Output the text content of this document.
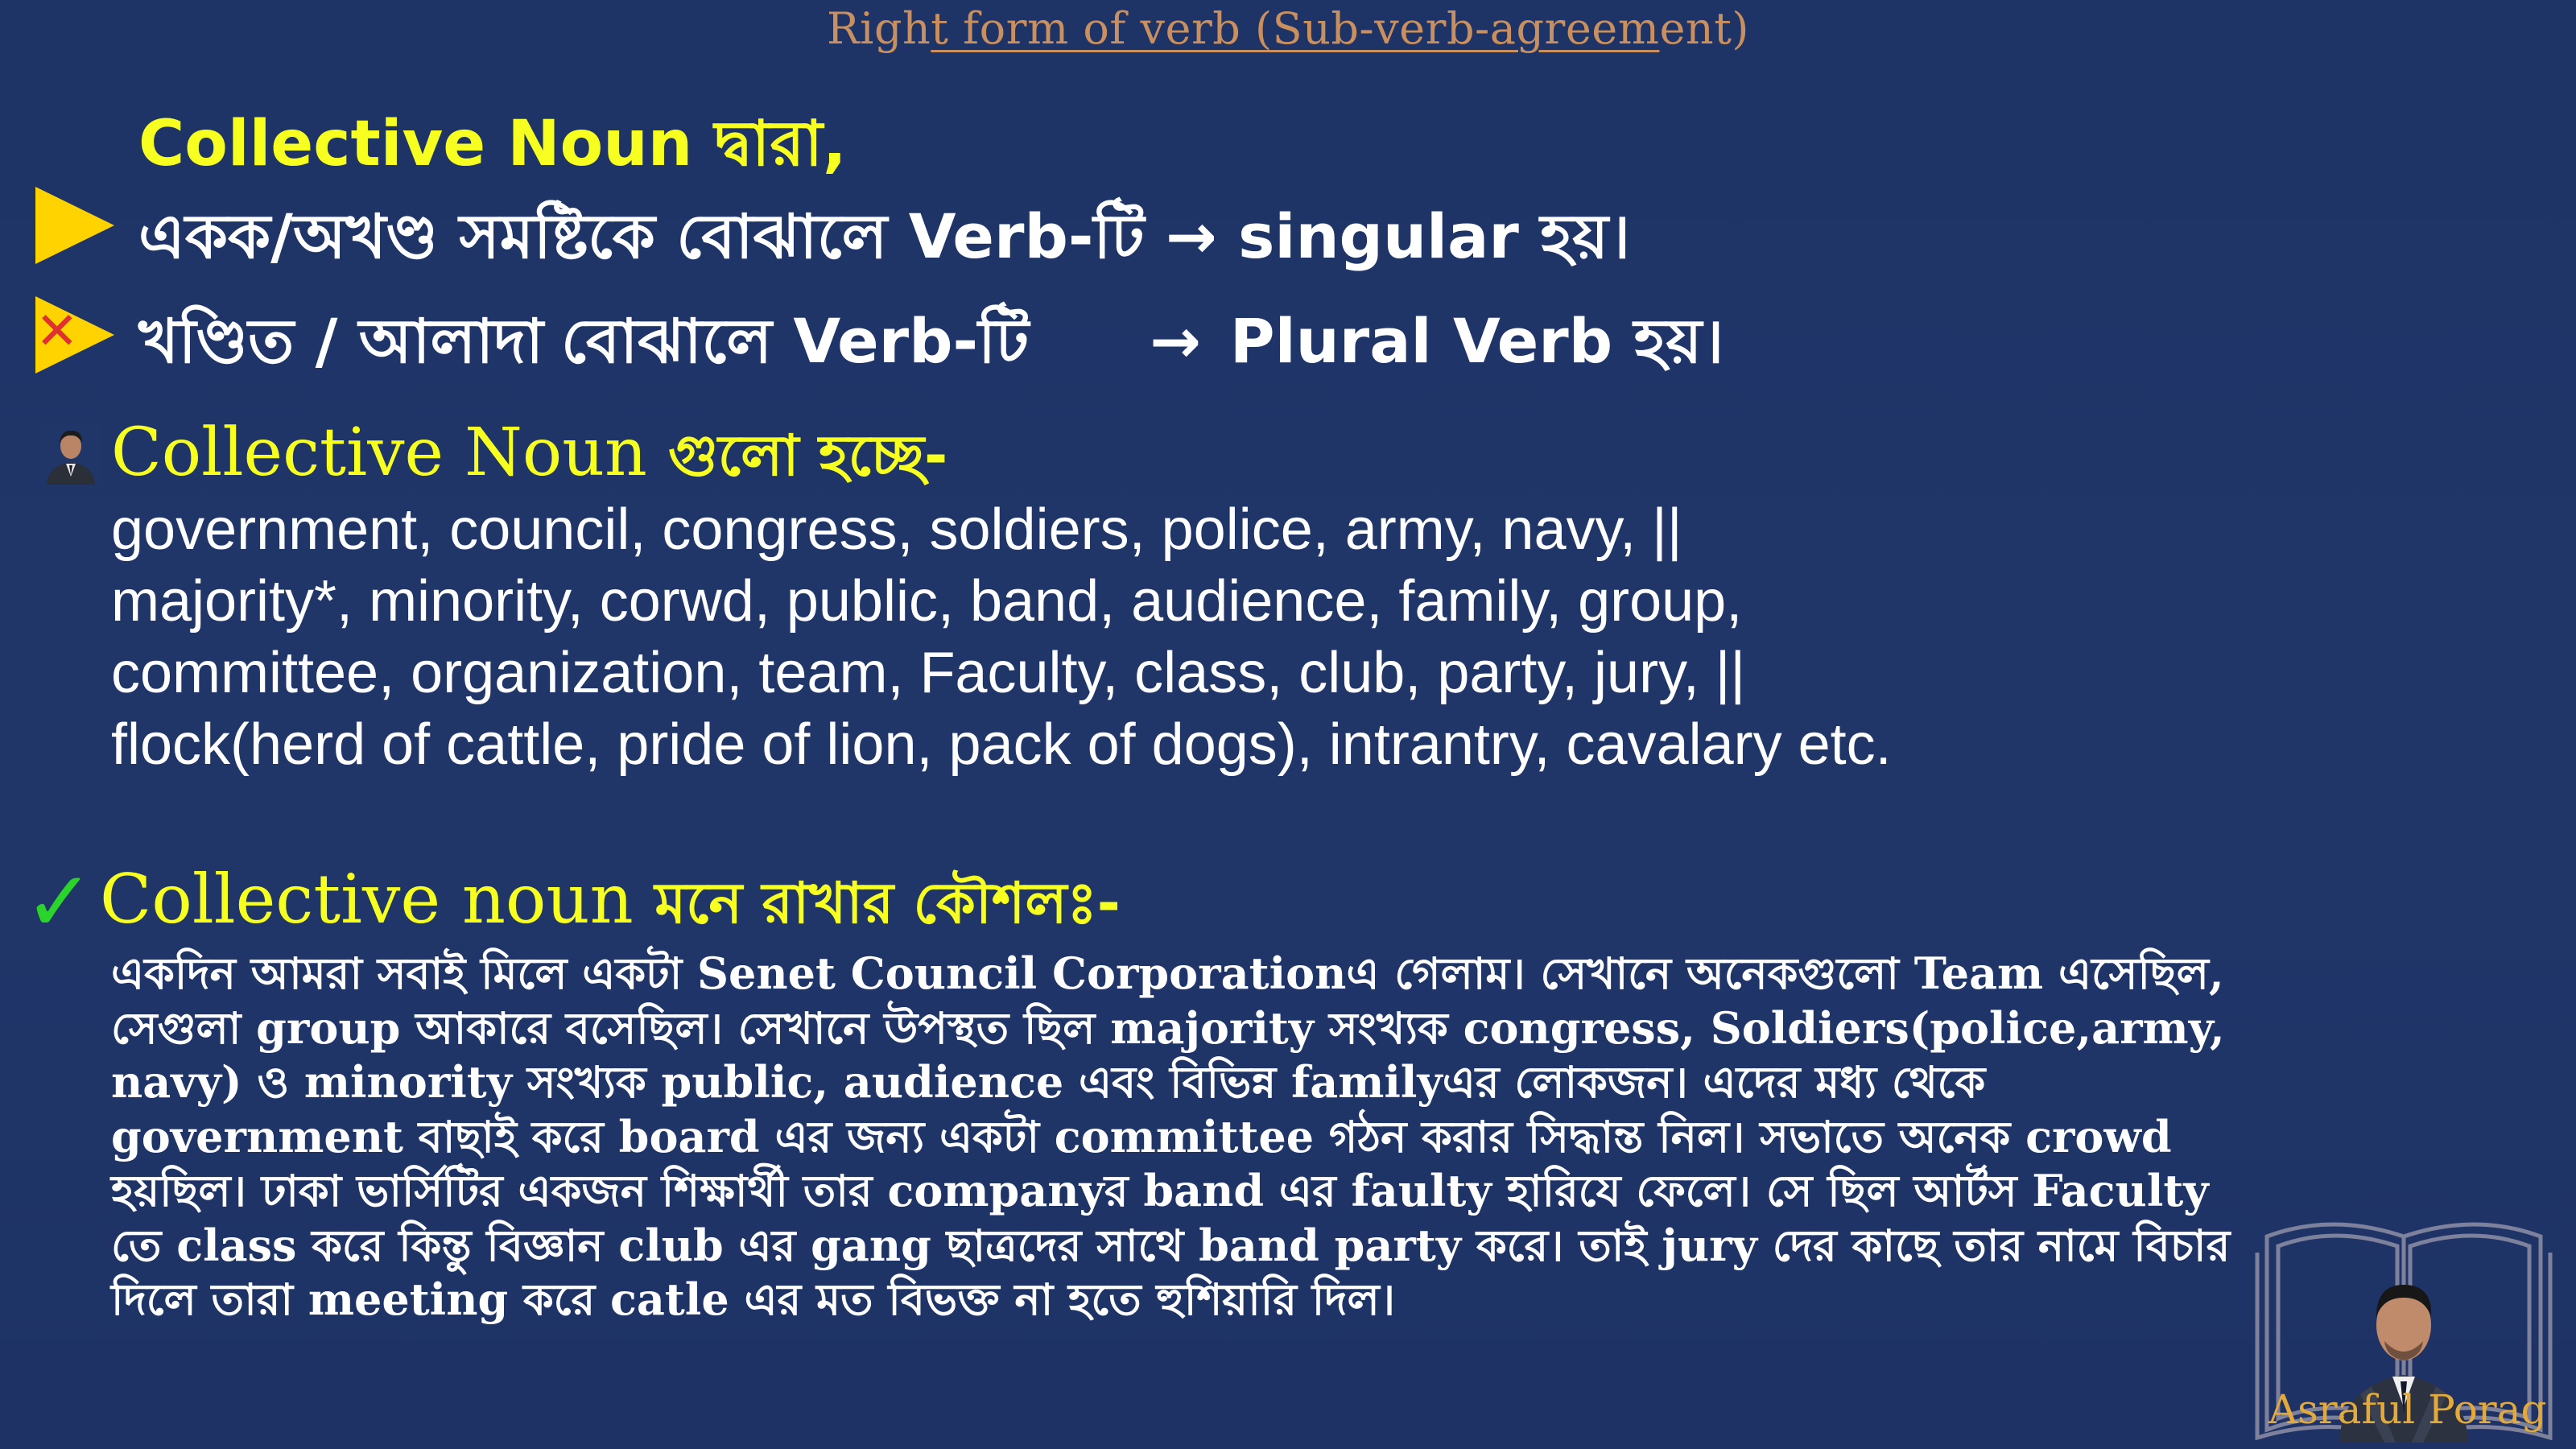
Right form of verb (Sub-verb-agreement)
Collective Noun দ্বারা,
একক/অখণ্ড সমষ্টিকে বোঝালে Verb-টি → singular হয়।
✕ খণ্ডিত / আলাদা বোঝালে Verb-টি → Plural Verb হয়।
Collective Noun গুলো হচ্ছে-
government, council, congress, soldiers, police, army, navy, ||
majority*, minority, corwd, public, band, audience, family, group,
committee, organization, team, Faculty, class, club, party, jury, ||
flock(herd of cattle, pride of lion, pack of dogs), intrantry, cavalary etc.
✓ Collective noun মনে রাখার কৌশলঃ-
একদিন আমরা সবাই মিলে একটা Senet Council Corporationএ গেলাম। সেখানে অনেকগুলো Team এসেছিল,
সেগুলা group আকারে বসেছিল। সেখানে উপস্থত ছিল majority সংখ্যক congress, Soldiers(police,army,
navy) ও minority সংখ্যক public, audience এবং বিভিন্ন familyএর লোকজন। এদের মধ্য থেকে
government বাছাই করে board এর জন্য একটা committee গঠন করার সিদ্ধান্ত নিল। সভাতে অনেক crowd
হয়ছিল। ঢাকা ভার্সিটির একজন শিক্ষার্থী তার companyর band এর faulty হারিযে ফেলে। সে ছিল আর্টস Faculty
তে class করে কিন্তু বিজ্ঞান club এর gang ছাত্রদের সাথে band party করে। তাই jury দের কাছে তার নামে বিচার
দিলে তারা meeting করে catle এর মত বিভক্ত না হতে হুশিয়ারি দিল।
Asraful Porag
